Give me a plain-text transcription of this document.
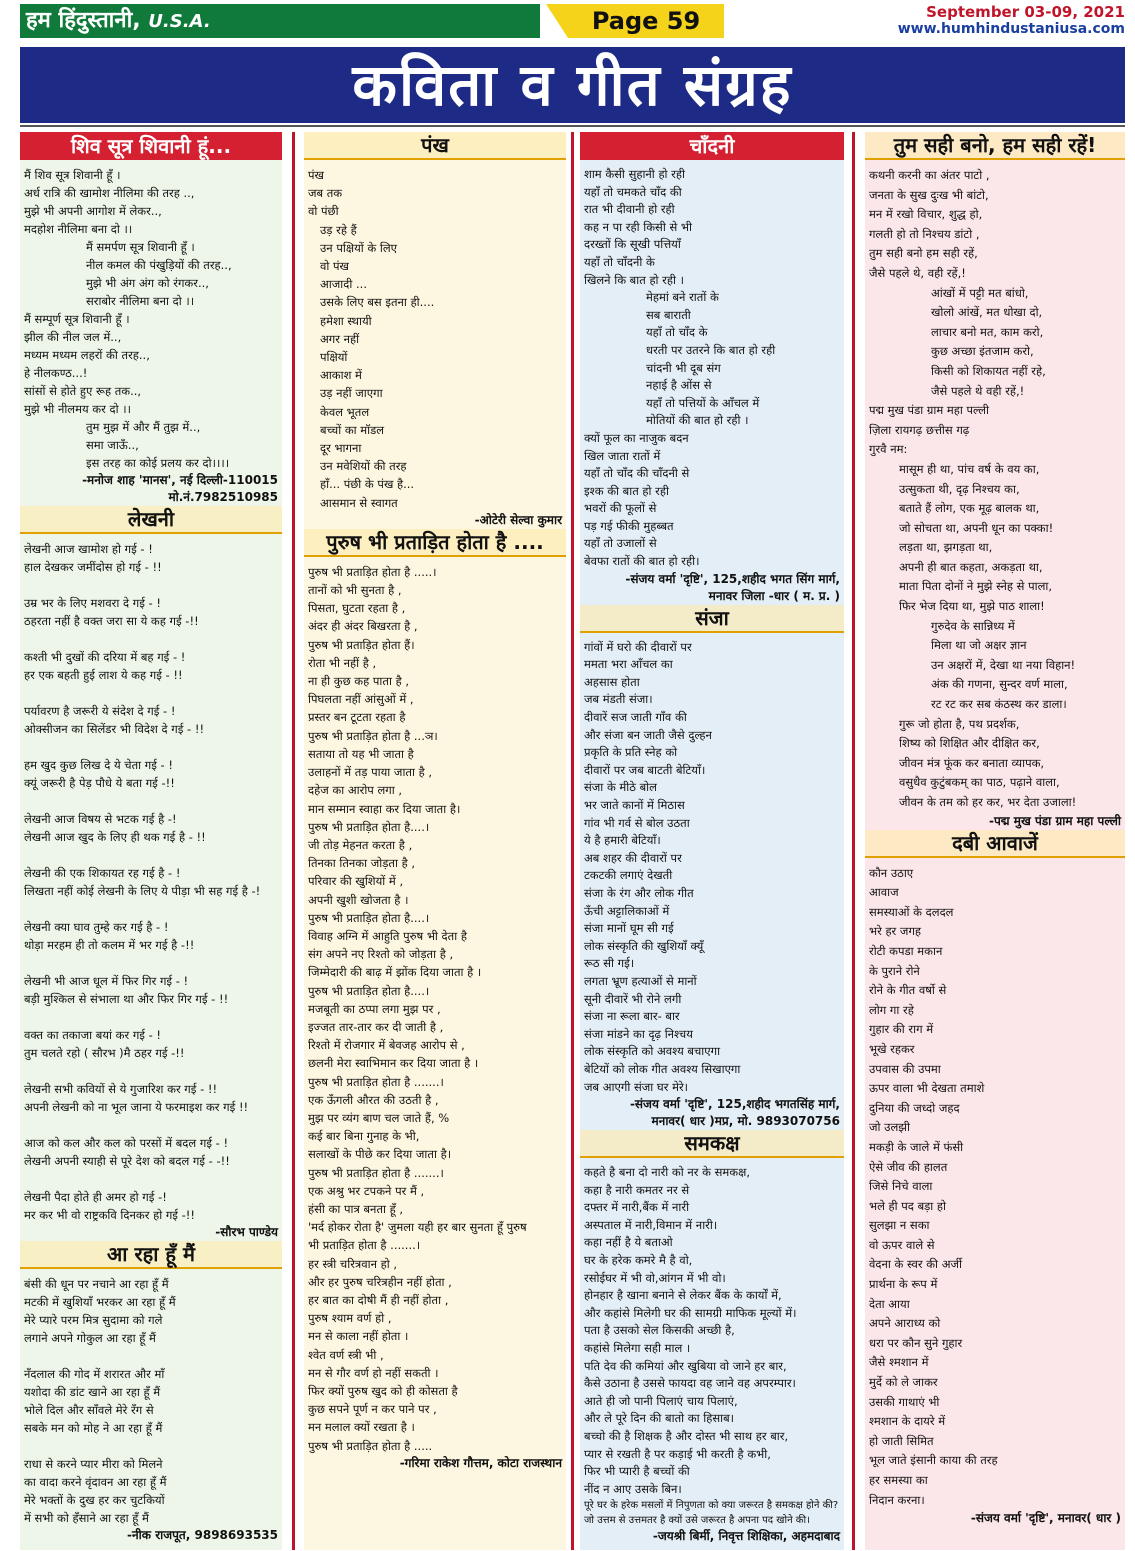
हम हिंदुस्तानी, U.S.A.	Page 59	September 03-09, 2021
www.humhindustaniusa.com
कविता व गीत संग्रह
शिव सूत्र शिवानी हूं...
मैं शिव सूत्र शिवानी हूँ ।
अर्ध रात्रि की खामोश नीलिमा की तरह ..,
मुझे भी अपनी आगोश में लेकर..,
मदहोश नीलिमा बना दो ।।
मैं समर्पण सूत्र शिवानी हूँ ।
नील कमल की पंखुड़ियों की तरह..,
मुझे भी अंग अंग को रंगकर..,
सराबोर नीलिमा बना दो ।।
मैं सम्पूर्ण सूत्र शिवानी हूँ ।
झील की नील जल में..,
मध्यम मध्यम लहरों की तरह..,
हे नीलकण्ठ...!
सांसों से होते हुए रूह तक..,
मुझे भी नीलमय कर दो ।।
तुम मुझ में और मैं तुझ में..,
समा जाऊँ..,
इस तरह का कोई प्रलय कर दो।।।।
-मनोज शाह 'मानस', नई दिल्ली-110015
मो.नं.7982510985
लेखनी
लेखनी आज खामोश हो गई - !
हाल देखकर जमींदोस हो गई - !!
उम्र भर के लिए मशवरा दे गई - !
ठहरता नहीं है वक्त जरा सा ये कह गई -!!
कश्ती भी दुखों की दरिया में बह गई - !
हर एक बहती हुई लाश ये कह गई - !!
पर्यावरण है जरूरी ये संदेश दे गई - !
ओक्सीजन का सिलेंडर भी विदेश दे गई - !!
हम खुद कुछ लिख दे ये चेता गई - !
क्यूं जरूरी है पेड़ पौधे ये बता गई -!!
लेखनी आज विषय से भटक गई है -!
लेखनी आज खुद के लिए ही थक गई है - !!
लेखनी की एक शिकायत रह गई है - !
लिखता नहीं कोई लेखनी के लिए ये पीड़ा भी सह गई है -!
लेखनी क्या घाव तुम्हे कर गई है - !
थोड़ा मरहम ही तो कलम में भर गई है -!!
लेखनी भी आज धूल में फिर गिर गई - !
बड़ी मुश्किल से संभाला था और फिर गिर गई - !!
वक्त का तकाजा बयां कर गई - !
तुम चलते रहो ( सौरभ )मै ठहर गई -!!
लेखनी सभी कवियों से ये गुजारिश कर गई - !!
अपनी लेखनी को ना भूल जाना ये फरमाइश कर गई !!
आज को कल और कल को परसों में बदल गई - !
लेखनी अपनी स्याही से पूरे देश को बदल गई - -!!
लेखनी पैदा होते ही अमर हो गई -!
मर कर भी वो राष्ट्रकवि दिनकर हो गई -!!
-सौरभ पाण्डेय
आ रहा हूँ मैं
बंसी की धून पर नचाने आ रहा हूँ मैं
मटकी में खुशियाँ भरकर आ रहा हूँ मैं
मेरे प्यारे परम मित्र सुदामा को गले
लगाने अपने गोकुल आ रहा हूँ मैं
नँदलाल की गोद में शरारत और माँ
यशोदा की डांट खाने आ रहा हूँ मैं
भोले दिल और साँवले मेरे रँग से
सबके मन को मोह ने आ रहा हूँ मैं
राधा से करने प्यार मीरा को मिलने
का वादा करने वृंदावन आ रहा हूँ मैं
मेरे भक्तों के दुख हर कर चुटकियों
में सभी को हँसाने आ रहा हूँ मैं
-नीक राजपूत, 9898693535
पंख
पंख
जब तक
वो पंछी
उड़ रहे हैं
उन पक्षियों के लिए
वो पंख
आजादी ...
उसके लिए बस इतना ही....
हमेशा स्थायी
अगर नहीं
पक्षियों
आकाश में
उड़ नहीं जाएगा
केवल भूतल
बच्चों का मॉडल
दूर भागना
उन मवेशियों की तरह
हाँ... पंछी के पंख है...
आसमान से स्वागत
-ओटेरी सेल्वा कुमार
पुरुष भी प्रताड़ित होता है ....
पुरुष भी प्रताड़ित होता है .....।
तानों को भी सुनता है ,
पिसता, घुटता रहता है ,
अंदर ही अंदर बिखरता है ,
पुरुष भी प्रताड़ित होता हैं।
रोता भी नहीं है ,
ना ही कुछ कह पाता है ,
पिघलता नहीं आंसुओं में ,
प्रस्तर बन टूटता रहता है
पुरुष भी प्रताड़ित होता है ...ञ।
सताया तो यह भी जाता है
उलाहनों में तड़ पाया जाता है ,
दहेज का आरोप लगा ,
मान सम्मान स्वाहा कर दिया जाता है।
पुरुष भी प्रताड़ित होता है....।
जी तोड़ मेहनत करता है ,
तिनका तिनका जोड़ता है ,
परिवार की खुशियों में ,
अपनी खुशी खोजता है ।
पुरुष भी प्रताड़ित होता है....।
विवाह अग्नि में आहुति पुरुष भी देता है
संग अपने नए रिश्तो को जोड़ता है ,
जिम्मेदारी की बाढ़ में झोंक दिया जाता है ।
पुरुष भी प्रताड़ित होता है....।
मजबूती का ठप्पा लगा मुझ पर ,
इज्जत तार-तार कर दी जाती है ,
रिश्तो में रोजगार में बेवजह आरोप से ,
छलनी मेरा स्वाभिमान कर दिया जाता है ।
पुरुष भी प्रताड़ित होता है .......।
एक ऊँगली औरत की उठती है ,
मुझ पर व्यंग बाण चल जाते हैं, %
कई बार बिना गुनाह के भी,
सलाखों के पीछे कर दिया जाता है।
पुरुष भी प्रताड़ित होता है .......।
एक अश्रु भर टपकने पर मैं ,
हंसी का पात्र बनता हूँ ,
'मर्द होकर रोता है' जुमला यही हर बार सुनता हूँ पुरुष
भी प्रताड़ित होता है .......।
हर स्त्री चरित्रवान हो ,
और हर पुरुष चरित्रहीन नहीं होता ,
हर बात का दोषी मैं ही नहीं होता ,
पुरुष श्याम वर्ण हो ,
मन से काला नहीं होता ।
श्वेत वर्ण स्त्री भी ,
मन से गौर वर्ण हो नहीं सकती ।
फिर क्यों पुरुष खुद को ही कोसता है
कुछ सपने पूर्ण न कर पाने पर ,
मन मलाल क्यों रखता है ।
पुरुष भी प्रताड़ित होता है .....
-गरिमा राकेश गौत्तम, कोटा राजस्थान
चाँदनी
शाम कैसी सुहानी हो रही
यहाँ तो चमकते चाँद की
रात भी दीवानी हो रही
कह न पा रही किसी से भी
दरख्तों कि सूखी पत्तियाँ
यहाँ तो चाँदनी के
खिलने कि बात हो रही ।
मेहमां बने रातों के
सब बाराती
यहाँ तो चाँद के
धरती पर उतरने कि बात हो रही
चांदनी भी दूब संग
नहाई है ओंस से
यहाँ तो पत्तियों के आँचल में
मोतियों की बात हो रही ।
क्यों फूल का नाजुक बदन
खिल जाता रातों में
यहाँ तो चाँद की चाँदनी से
इश्क की बात हो रही
भवरों की फूलों से
पड़ गई फीकी मुहब्बत
यहाँ तो उजालों से
बेवफा रातों की बात हो रही।
-संजय वर्मा 'दृष्टि', 125,शहीद भगत सिंग मार्ग,
मनावर जिला -धार ( म. प्र. )
संजा
गांवों में घरो की दीवारों पर
ममता भरा आँचल का
अहसास होता
जब मंडती संजा।
दीवारें सज जाती गाँव की
और संजा बन जाती जैसे दुल्हन
प्रकृति के प्रति स्नेह को
दीवारों पर जब बाटती बेटियाँ।
संजा के मीठे बोल
भर जाते कानों में मिठास
गांव भी गर्व से बोल उठता
ये है हमारी बेटियाँ।
अब शहर की दीवारों पर
टकटकी लगाएं देखती
संजा के रंग और लोक गीत
ऊँची अट्टालिकाओं में
संजा मानों घूम सी गई
लोक संस्कृति की खुशियाँ क्यूँ
रूठ सी गई।
लगता भ्रूण हत्याओं से मानों
सूनी दीवारें भी रोने लगी
संजा ना रूला बार- बार
संजा मांडने का दृढ़ निश्चय
लोक संस्कृति को अवश्य बचाएगा
बेटियों को लोक गीत अवश्य सिखाएगा
जब आएगी संजा घर मेरे।
-संजय वर्मा 'दृष्टि', 125,शहीद भगतसिंह मार्ग,
मनावर( धार )मप्र, मो. 9893070756
समकक्ष
कहते है बना दो नारी को नर के समकक्ष,
कहा है नारी कमतर नर से
दफ्तर में नारी,बैंक में नारी
अस्पताल में नारी,विमान में नारी।
कहा नहीं है ये बताओ
घर के हरेक कमरे मै है वो,
रसोईघर में भी वो,आंगन में भी वो।
होनहार है खाना बनाने से लेकर बैंक के कार्यों में,
और कहांसे मिलेगी घर की सामग्री माफिक मूल्यों में।
पता है उसको सेल किसकी अच्छी है,
कहांसे मिलेगा सही माल ।
पति देव की कमियां और खुबिया वो जाने हर बार,
कैसे उठाना है उससे फायदा वह जाने वह अपरम्पार।
आते ही जो पानी पिलाएं चाय पिलाएं,
और ले पूरे दिन की बातो का हिसाब।
बच्चो की है शिक्षक है और दोस्त भी साथ हर बार,
प्यार से रखती है पर कड़ाई भी करती है कभी,
फिर भी प्यारी है बच्चों की
नींद न आए उसके बिन।
पूरे घर के हरेक मसलों में निपुणता को क्या जरूरत है समकक्ष होने की?
जो उत्तम से उत्तमतर है क्यों उसे जरूरत है अपना पद खोने की।
-जयश्री बिर्मी, निवृत्त शिक्षिका, अहमदाबाद
तुम सही बनो, हम सही रहें!
कथनी करनी का अंतर पाटो ,
जनता के सुख दुःख भी बांटो,
मन में रखो विचार, शुद्ध हो,
गलती हो तो निश्चय डांटो ,
तुम सही बनो हम सही रहें,
जैसे पहले थे, वही रहें,!
आंखों में पट्टी मत बांधो,
खोलो आंखें, मत धोखा दो,
लाचार बनो मत, काम करो,
कुछ अच्छा इंतजाम करो,
किसी को शिकायत नहीं रहे,
जैसे पहले थे वही रहें,!
पद्म मुख पंडा ग्राम महा पल्ली
ज़िला रायगढ़ छत्तीस गढ़
गुरवै नम:
मासूम ही था, पांच वर्ष के वय का,
उत्सुकता थी, दृढ़ निश्चय का,
बताते हैं लोग, एक मूढ़ बालक था,
जो सोचता था, अपनी धून का पक्का!
लड़ता था, झगड़ता था,
अपनी ही बात कहता, अकड़ता था,
माता पिता दोनों ने मुझे स्नेह से पाला,
फिर भेज दिया था, मुझे पाठ शाला!
गुरुदेव के सान्निध्य में
मिला था जो अक्षर ज्ञान
उन अक्षरों में, देखा था नया विहान!
अंक की गणना, सुन्दर वर्ण माला,
रट रट कर सब कंठस्थ कर डाला।
गुरू जो होता है, पथ प्रदर्शक,
शिष्य को शिक्षित और दीक्षित कर,
जीवन मंत्र फूंक कर बनाता व्यापक,
वसुधैव कुटुंबकम् का पाठ, पढ़ाने वाला,
जीवन के तम को हर कर, भर देता उजाला!
-पद्म मुख पंडा ग्राम महा पल्ली
दबी आवाजें
कौन उठाए
आवाज
समस्याओं के दलदल
भरे हर जगह
रोटी कपडा मकान
के पुराने रोने
रोने के गीत वर्षो से
लोग गा रहे
गुहार की राग में
भूखे रहकर
उपवास की उपमा
ऊपर वाला भी देखता तमाशे
दुनिया की जध्दो जहद
जो उलझी
मकड़ी के जाले में फंसी
ऐसे जीव की हालत
जिसे निचे वाला
भले ही पद बड़ा हो
सुलझा न सका
वो ऊपर वाले से
वेदना के स्वर की अर्जी
प्रार्थना के रूप में
देता आया
अपने आराध्य को
धरा पर कौन सुने गुहार
जैसे श्मशान में
मुर्दे को ले जाकर
उसकी गाथाएं भी
श्मशान के दायरे में
हो जाती सिमित
भूल जाते इंसानी काया की तरह
हर समस्या का
निदान करना।
-संजय वर्मा 'दृष्टि', मनावर( धार )
